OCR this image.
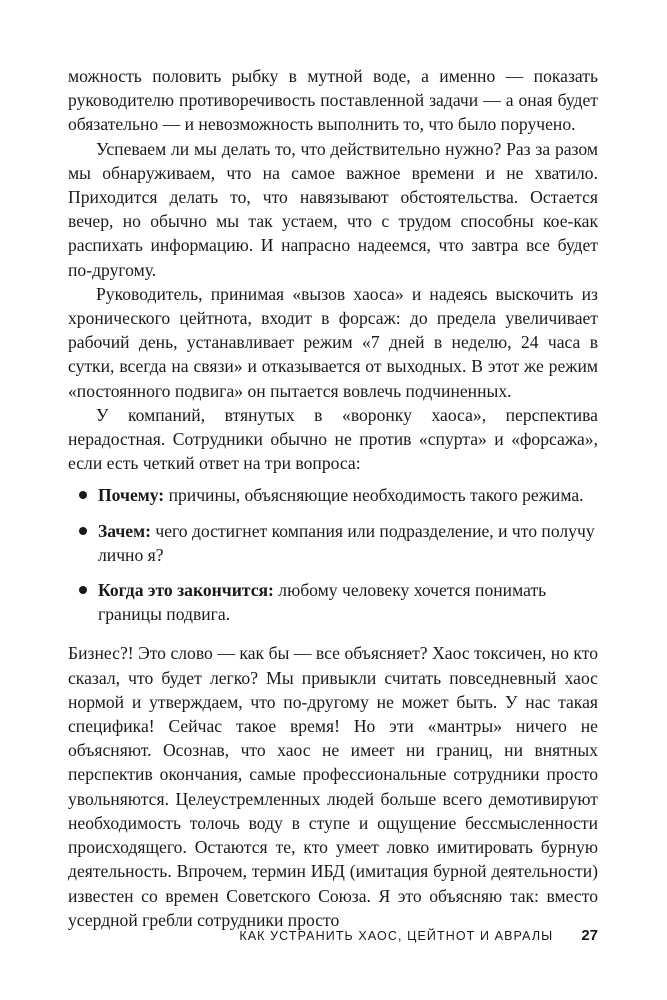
можность половить рыбку в мутной воде, а именно — показать руководителю противоречивость поставленной задачи — а оная будет обязательно — и невозможность выполнить то, что было поручено.

Успеваем ли мы делать то, что действительно нужно? Раз за разом мы обнаруживаем, что на самое важное времени и не хватило. Приходится делать то, что навязывают обстоятельства. Остается вечер, но обычно мы так устаем, что с трудом способны кое-как распихать информацию. И напрасно надеемся, что завтра все будет по-другому.

Руководитель, принимая «вызов хаоса» и надеясь выскочить из хронического цейтнота, входит в форсаж: до предела увеличивает рабочий день, устанавливает режим «7 дней в неделю, 24 часа в сутки, всегда на связи» и отказывается от выходных. В этот же режим «постоянного подвига» он пытается вовлечь подчиненных.

У компаний, втянутых в «воронку хаоса», перспектива нерадостная. Сотрудники обычно не против «спурта» и «форсажа», если есть четкий ответ на три вопроса:

Почему: причины, объясняющие необходимость такого режима.
Зачем: чего достигнет компания или подразделение, и что получу лично я?
Когда это закончится: любому человеку хочется понимать границы подвига.

Бизнес?! Это слово — как бы — все объясняет? Хаос токсичен, но кто сказал, что будет легко? Мы привыкли считать повседневный хаос нормой и утверждаем, что по-другому не может быть. У нас такая специфика! Сейчас такое время! Но эти «мантры» ничего не объясняют. Осознав, что хаос не имеет ни границ, ни внятных перспектив окончания, самые профессиональные сотрудники просто увольняются. Целеустремленных людей больше всего демотивируют необходимость толочь воду в ступе и ощущение бессмысленности происходящего. Остаются те, кто умеет ловко имитировать бурную деятельность. Впрочем, термин ИБД (имитация бурной деятельности) известен со времен Советского Союза. Я это объясняю так: вместо усердной гребли сотрудники просто

КАК УСТРАНИТЬ ХАОС, ЦЕЙТНОТ И АВРАЛЫ 27
